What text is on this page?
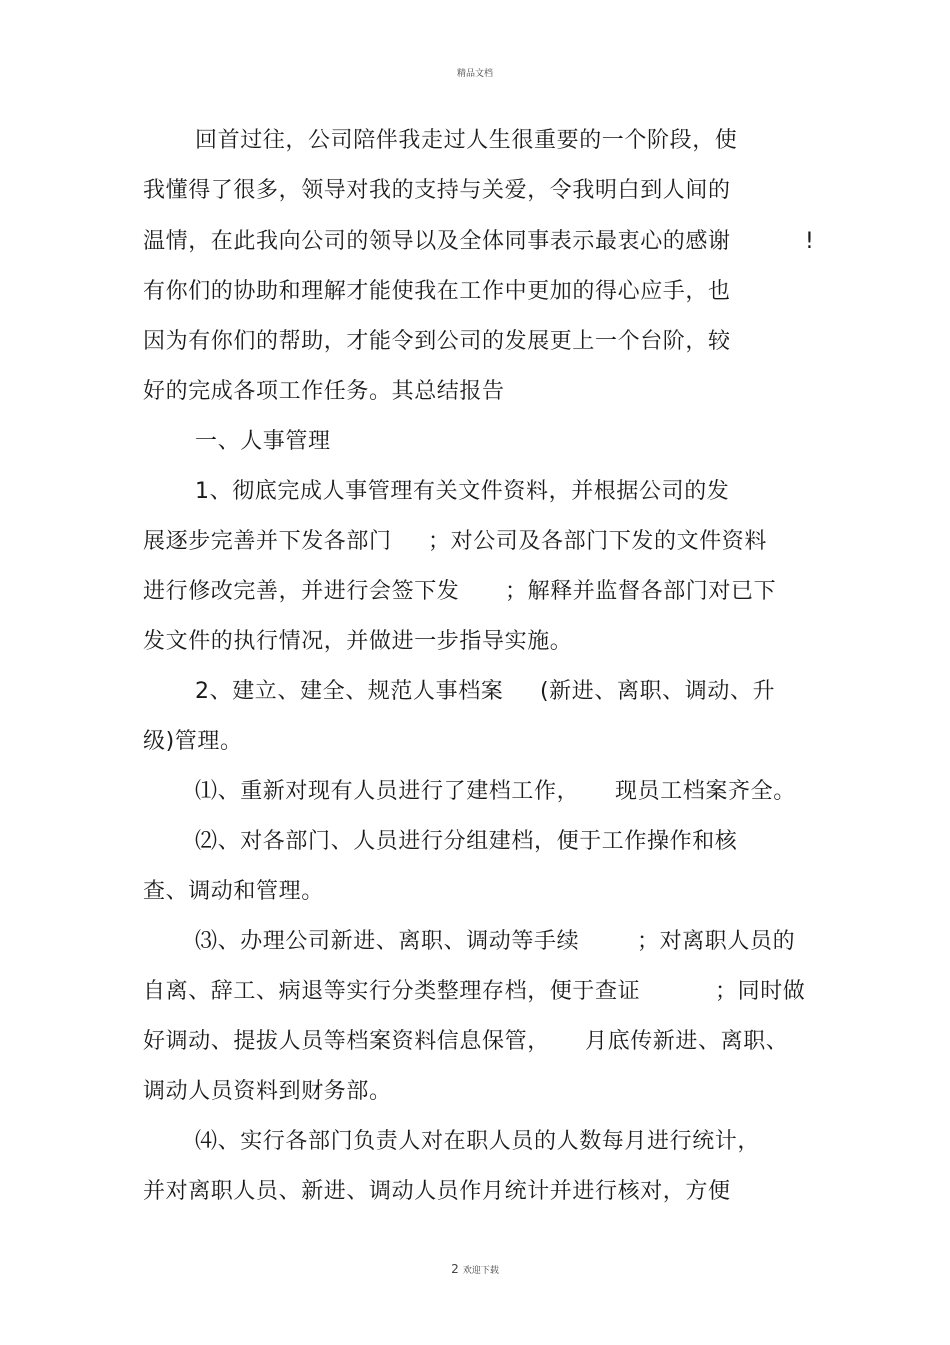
精品文档
回首过往，公司陪伴我走过人生很重要的一个阶段，使
我懂得了很多，领导对我的支持与关爱，令我明白到人间的
温情，在此我向公司的领导以及全体同事表示最衷心的感谢	!
有你们的协助和理解才能使我在工作中更加的得心应手，也
因为有你们的帮助，才能令到公司的发展更上一个台阶，较
好的完成各项工作任务。其总结报告
一、人事管理
1、彻底完成人事管理有关文件资料，并根据公司的发
展逐步完善并下发各部门 ；对公司及各部门下发的文件资料
进行修改完善，并进行会签下发 ；解释并监督各部门对已下
发文件的执行情况，并做进一步指导实施。
2、建立、建全、规范人事档案 (新进、离职、调动、升
级)管理。
⑴、重新对现有人员进行了建档工作， 现员工档案齐全。
⑵、对各部门、人员进行分组建档，便于工作操作和核
查、调动和管理。
⑶、办理公司新进、离职、调动等手续	；对离职人员的
自离、辞工、病退等实行分类整理存档，便于查证	；同时做
好调动、提拔人员等档案资料信息保管， 月底传新进、离职、
调动人员资料到财务部。
⑷、实行各部门负责人对在职人员的人数每月进行统计，
并对离职人员、新进、调动人员作月统计并进行核对，方便
2 欢迎下载
